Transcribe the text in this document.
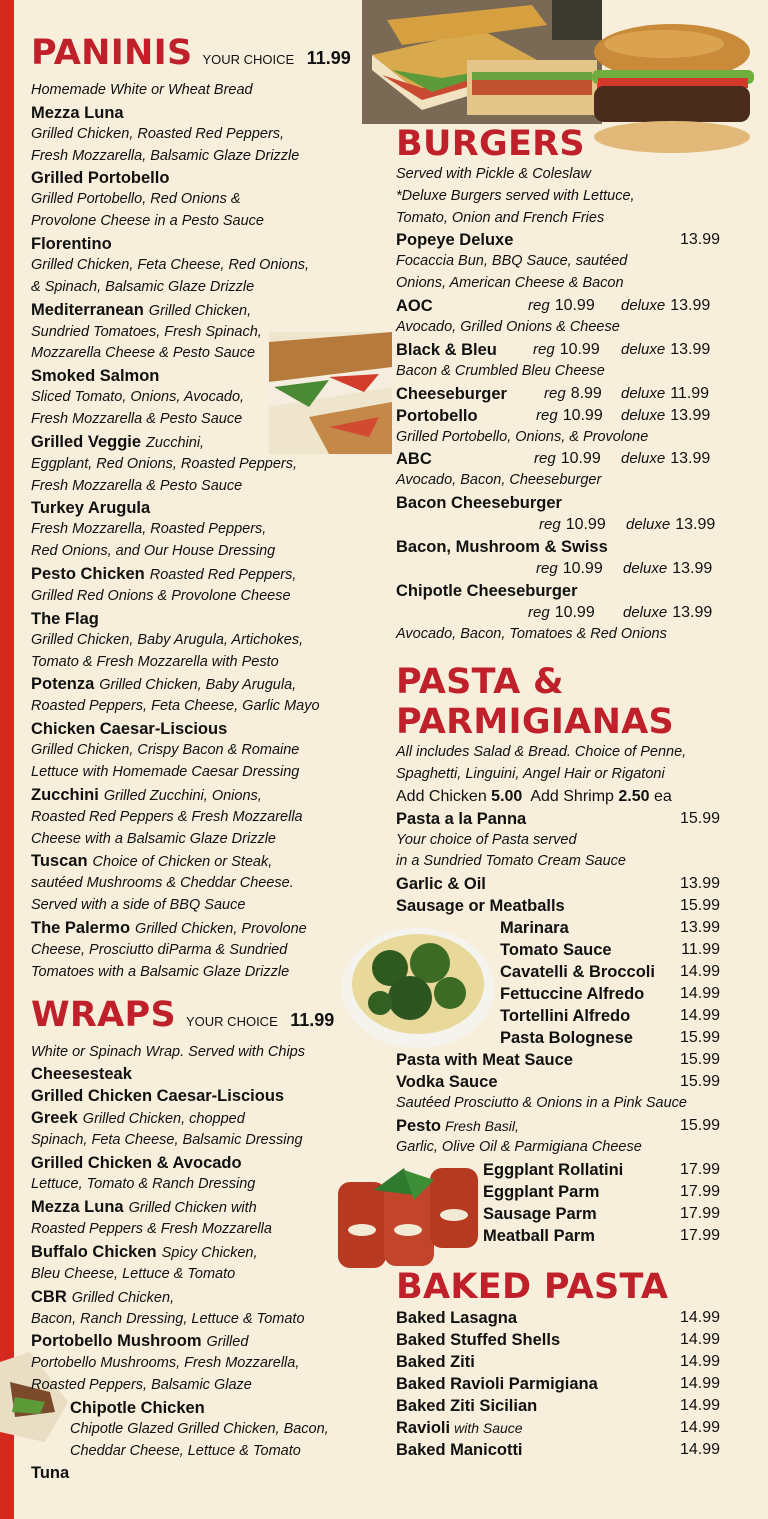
PANINIS YOUR CHOICE 11.99
Homemade White or Wheat Bread
Mezza Luna
Grilled Chicken, Roasted Red Peppers,
Fresh Mozzarella, Balsamic Glaze Drizzle
Grilled Portobello
Grilled Portobello, Red Onions &
Provolone Cheese in a Pesto Sauce
Florentino
Grilled Chicken, Feta Cheese, Red Onions,
& Spinach, Balsamic Glaze Drizzle
Mediterranean Grilled Chicken,
Sundried Tomatoes, Fresh Spinach,
Mozzarella Cheese & Pesto Sauce
Smoked Salmon
Sliced Tomato, Onions, Avocado,
Fresh Mozzarella & Pesto Sauce
Grilled Veggie Zucchini,
Eggplant, Red Onions, Roasted Peppers,
Fresh Mozzarella & Pesto Sauce
Turkey Arugula
Fresh Mozzarella, Roasted Peppers,
Red Onions, and Our House Dressing
Pesto Chicken Roasted Red Peppers,
Grilled Red Onions & Provolone Cheese
The Flag
Grilled Chicken, Baby Arugula, Artichokes,
Tomato & Fresh Mozzarella with Pesto
Potenza Grilled Chicken, Baby Arugula,
Roasted Peppers, Feta Cheese, Garlic Mayo
Chicken Caesar-Liscious
Grilled Chicken, Crispy Bacon & Romaine
Lettuce with Homemade Caesar Dressing
Zucchini Grilled Zucchini, Onions,
Roasted Red Peppers & Fresh Mozzarella
Cheese with a Balsamic Glaze Drizzle
Tuscan Choice of Chicken or Steak,
sautéed Mushrooms & Cheddar Cheese.
Served with a side of BBQ Sauce
The Palermo Grilled Chicken, Provolone
Cheese, Prosciutto diParma & Sundried
Tomatoes with a Balsamic Glaze Drizzle
WRAPS YOUR CHOICE 11.99
White or Spinach Wrap. Served with Chips
Cheesesteak
Grilled Chicken Caesar-Liscious
Greek Grilled Chicken, chopped
Spinach, Feta Cheese, Balsamic Dressing
Grilled Chicken & Avocado
Lettuce, Tomato & Ranch Dressing
Mezza Luna Grilled Chicken with
Roasted Peppers & Fresh Mozzarella
Buffalo Chicken Spicy Chicken,
Bleu Cheese, Lettuce & Tomato
CBR Grilled Chicken,
Bacon, Ranch Dressing, Lettuce & Tomato
Portobello Mushroom Grilled
Portobello Mushrooms, Fresh Mozzarella,
Roasted Peppers, Balsamic Glaze
Chipotle Chicken
Chipotle Glazed Grilled Chicken, Bacon,
Cheddar Cheese, Lettuce & Tomato
Tuna
BURGERS
Served with Pickle & Coleslaw
*Deluxe Burgers served with Lettuce,
Tomato, Onion and French Fries
Popeye Deluxe	13.99
Focaccia Bun, BBQ Sauce, sautéed
Onions, American Cheese & Bacon
AOC	reg 10.99 deluxe 13.99
Avocado, Grilled Onions & Cheese
Black & Bleu reg 10.99 deluxe 13.99
Bacon & Crumbled Bleu Cheese
Cheeseburger reg 8.99 deluxe 11.99
Portobello	reg 10.99 deluxe 13.99
Grilled Portobello, Onions, & Provolone
ABC	reg 10.99 deluxe 13.99
Avocado, Bacon, Cheeseburger
Bacon Cheeseburger
reg 10.99 deluxe 13.99
Bacon, Mushroom & Swiss
reg 10.99 deluxe 13.99
Chipotle Cheeseburger
reg 10.99 deluxe 13.99
Avocado, Bacon, Tomatoes & Red Onions
PASTA &
PARMIGIANAS
All includes Salad & Bread. Choice of Penne,
Spaghetti, Linguini, Angel Hair or Rigatoni
Add Chicken 5.00 Add Shrimp 2.50 ea
Pasta a la Panna	15.99
Your choice of Pasta served
in a Sundried Tomato Cream Sauce
Garlic & Oil	13.99
Sausage or Meatballs	15.99
Marinara	13.99
Tomato Sauce	11.99
Cavatelli & Broccoli 14.99
Fettuccine Alfredo 14.99
Tortellini Alfredo	14.99
Pasta Bolognese	15.99
Pasta with Meat Sauce	15.99
Vodka Sauce	15.99
Sautéed Prosciutto & Onions in a Pink Sauce
Pesto Fresh Basil,	15.99
Garlic, Olive Oil & Parmigiana Cheese
Eggplant Rollatini	17.99
Eggplant Parm	17.99
Sausage Parm	17.99
Meatball Parm	17.99
BAKED PASTA
Baked Lasagna	14.99
Baked Stuffed Shells	14.99
Baked Ziti	14.99
Baked Ravioli Parmigiana	14.99
Baked Ziti Sicilian	14.99
Ravioli with Sauce	14.99
Baked Manicotti	14.99
